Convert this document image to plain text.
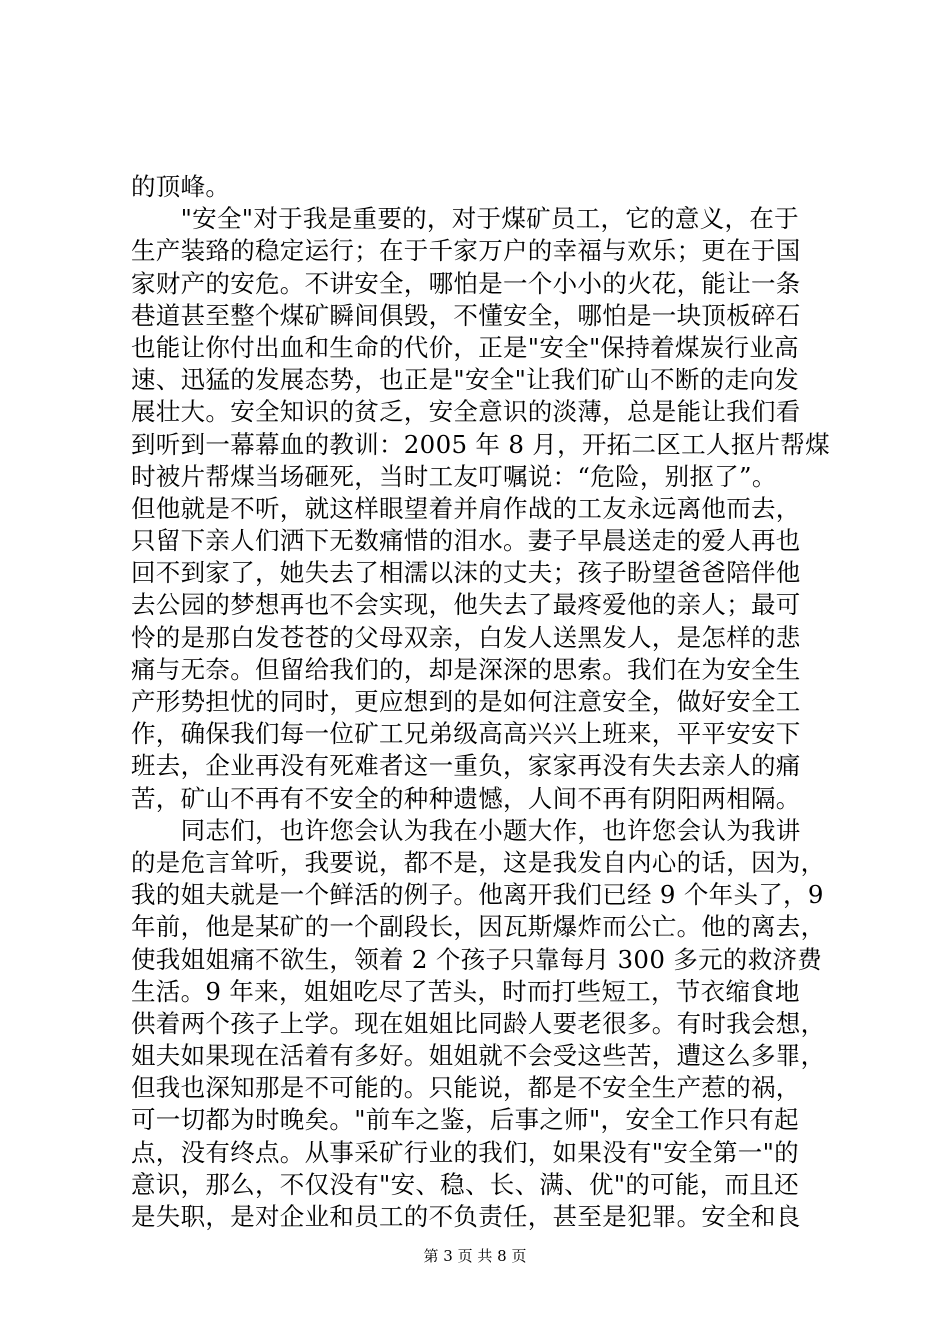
的顶峰。
　　"安全"对于我是重要的，对于煤矿员工，它的意义，在于
生产装臵的稳定运行；在于千家万户的幸福与欢乐；更在于国
家财产的安危。不讲安全，哪怕是一个小小的火花，能让一条
巷道甚至整个煤矿瞬间俱毁，不懂安全，哪怕是一块顶板碎石
也能让你付出血和生命的代价，正是"安全"保持着煤炭行业高
速、迅猛的发展态势，也正是"安全"让我们矿山不断的走向发
展壮大。安全知识的贫乏，安全意识的淡薄，总是能让我们看
到听到一幕幕血的教训：2005 年 8 月，开拓二区工人抠片帮煤
时被片帮煤当场砸死，当时工友叮嘱说：“危险，别抠了”。
但他就是不听，就这样眼望着并肩作战的工友永远离他而去，
只留下亲人们洒下无数痛惜的泪水。妻子早晨送走的爱人再也
回不到家了，她失去了相濡以沫的丈夫；孩子盼望爸爸陪伴他
去公园的梦想再也不会实现，他失去了最疼爱他的亲人；最可
怜的是那白发苍苍的父母双亲，白发人送黑发人，是怎样的悲
痛与无奈。但留给我们的，却是深深的思索。我们在为安全生
产形势担忧的同时，更应想到的是如何注意安全，做好安全工
作，确保我们每一位矿工兄弟级高高兴兴上班来，平平安安下
班去，企业再没有死难者这一重负，家家再没有失去亲人的痛
苦，矿山不再有不安全的种种遗憾，人间不再有阴阳两相隔。
　　同志们，也许您会认为我在小题大作，也许您会认为我讲
的是危言耸听，我要说，都不是，这是我发自内心的话，因为，
我的姐夫就是一个鲜活的例子。他离开我们已经 9 个年头了，9
年前，他是某矿的一个副段长，因瓦斯爆炸而公亡。他的离去，
使我姐姐痛不欲生，领着 2 个孩子只靠每月 300 多元的救济费
生活。9 年来，姐姐吃尽了苦头，时而打些短工，节衣缩食地
供着两个孩子上学。现在姐姐比同龄人要老很多。有时我会想，
姐夫如果现在活着有多好。姐姐就不会受这些苦，遭这么多罪，
但我也深知那是不可能的。只能说，都是不安全生产惹的祸，
可一切都为时晚矣。"前车之鉴，后事之师"，安全工作只有起
点，没有终点。从事采矿行业的我们，如果没有"安全第一"的
意识，那么，不仅没有"安、稳、长、满、优"的可能，而且还
是失职，是对企业和员工的不负责任，甚至是犯罪。安全和良
第 3 页 共 8 页
